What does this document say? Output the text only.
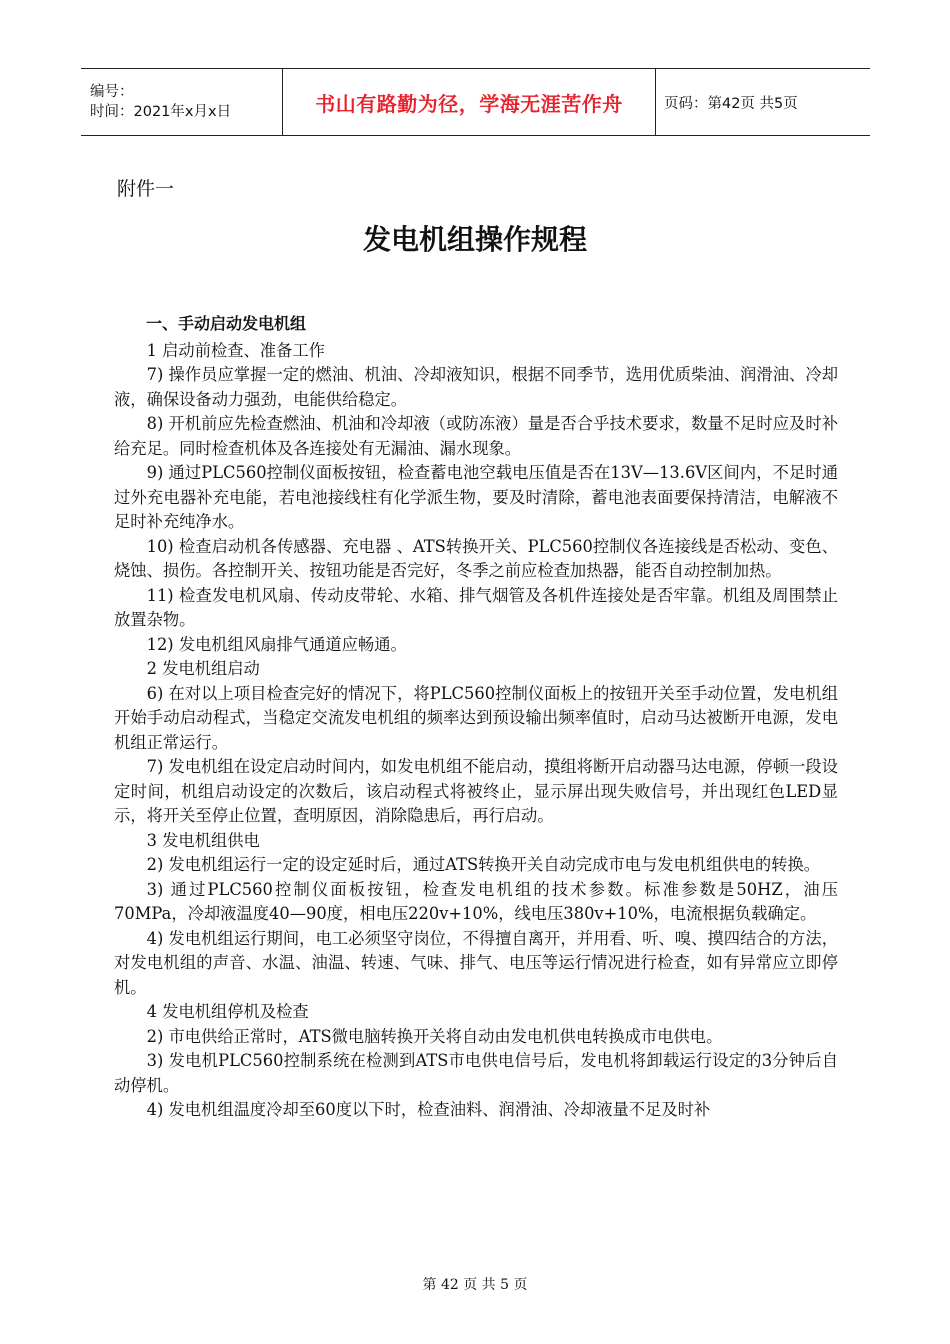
编号：
时间：2021年x月x日	书山有路勤为径，学海无涯苦作舟	页码：第42页 共5页
附件一
发电机组操作规程

一、手动启动发电机组

1 启动前检查、准备工作

7) 操作员应掌握一定的燃油、机油、冷却液知识，根据不同季节，选用优质柴油、润滑油、冷却液，确保设备动力强劲，电能供给稳定。

8) 开机前应先检查燃油、机油和冷却液（或防冻液）量是否合乎技术要求，数量不足时应及时补给充足。同时检查机体及各连接处有无漏油、漏水现象。

9) 通过PLC560控制仪面板按钮，检查蓄电池空载电压值是否在13V—13.6V区间内，不足时通过外充电器补充电能，若电池接线柱有化学派生物，要及时清除，蓄电池表面要保持清洁，电解液不足时补充纯净水。

10) 检查启动机各传感器、充电器 、ATS转换开关、PLC560控制仪各连接线是否松动、变色、烧蚀、损伤。各控制开关、按钮功能是否完好，冬季之前应检查加热器，能否自动控制加热。

11) 检查发电机风扇、传动皮带轮、水箱、排气烟管及各机件连接处是否牢靠。机组及周围禁止放置杂物。

12) 发电机组风扇排气通道应畅通。

2 发电机组启动

6) 在对以上项目检查完好的情况下，将PLC560控制仪面板上的按钮开关至手动位置，发电机组开始手动启动程式，当稳定交流发电机组的频率达到预设输出频率值时，启动马达被断开电源，发电机组正常运行。

7) 发电机组在设定启动时间内，如发电机组不能启动，摸组将断开启动器马达电源，停顿一段设定时间，机组启动设定的次数后，该启动程式将被终止，显示屏出现失败信号，并出现红色LED显示，将开关至停止位置，查明原因，消除隐患后，再行启动。

3 发电机组供电

2) 发电机组运行一定的设定延时后，通过ATS转换开关自动完成市电与发电机组供电的转换。

3) 通过PLC560控制仪面板按钮，检查发电机组的技术参数。标准参数是50HZ，油压70MPa，冷却液温度40—90度，相电压220v+10%，线电压380v+10%，电流根据负载确定。

4) 发电机组运行期间，电工必须坚守岗位，不得擅自离开，并用看、听、嗅、摸四结合的方法，对发电机组的声音、水温、油温、转速、气味、排气、电压等运行情况进行检查，如有异常应立即停机。

4 发电机组停机及检查

2) 市电供给正常时，ATS微电脑转换开关将自动由发电机供电转换成市电供电。

3) 发电机PLC560控制系统在检测到ATS市电供电信号后，发电机将卸载运行设定的3分钟后自动停机。

4) 发电机组温度冷却至60度以下时，检查油料、润滑油、冷却液量不足及时补

第 42 页 共 5 页
